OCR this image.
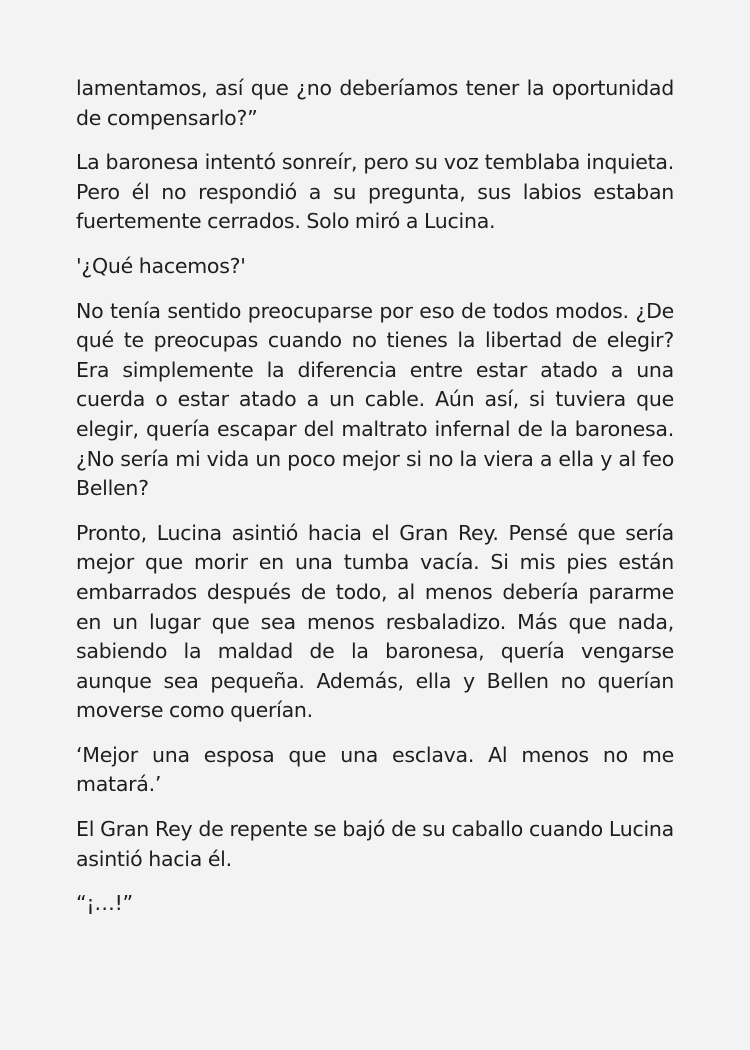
lamentamos, así que ¿no deberíamos tener la oportunidad de compensarlo?”

La baronesa intentó sonreír, pero su voz temblaba inquieta. Pero él no respondió a su pregunta, sus labios estaban fuertemente cerrados. Solo miró a Lucina.

'¿Qué hacemos?'

No tenía sentido preocuparse por eso de todos modos. ¿De qué te preocupas cuando no tienes la libertad de elegir? Era simplemente la diferencia entre estar atado a una cuerda o estar atado a un cable. Aún así, si tuviera que elegir, quería escapar del maltrato infernal de la baronesa. ¿No sería mi vida un poco mejor si no la viera a ella y al feo Bellen?

Pronto, Lucina asintió hacia el Gran Rey. Pensé que sería mejor que morir en una tumba vacía. Si mis pies están embarrados después de todo, al menos debería pararme en un lugar que sea menos resbaladizo. Más que nada, sabiendo la maldad de la baronesa, quería vengarse aunque sea pequeña. Además, ella y Bellen no querían moverse como querían.

‘Mejor una esposa que una esclava. Al menos no me matará.’

El Gran Rey de repente se bajó de su caballo cuando Lucina asintió hacia él.

“¡…!”
